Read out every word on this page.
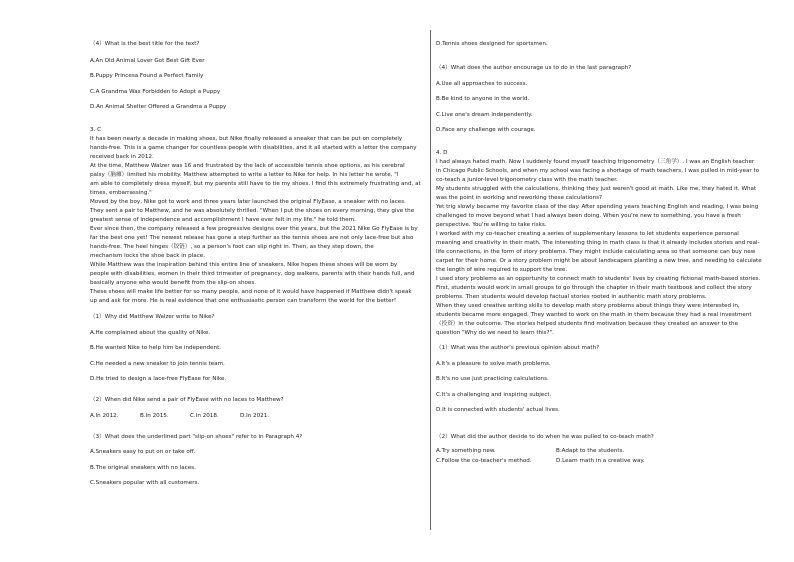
（4）What is the best title for the text?

A.An Old Animal Lover Got Best Gift Ever

B.Puppy Princesa Found a Perfect Family

C.A Grandma Was Forbidden to Adopt a Puppy

D.An Animal Shelter Offered a Grandma a Puppy

3. C

It has been nearly a decade in making shoes, but Nike finally released a sneaker that can be put on completely

hands-free. This is a game changer for countless people with disabilities, and it all started with a letter the company

received back in 2012.

At the time, Matthew Walzer was 16 and frustrated by the lack of accessible tennis shoe options, as his cerebral

palsy（脑瘫）limited his mobility. Matthew attempted to write a letter to Nike for help. In his letter he wrote, "I

am able to completely dress myself, but my parents still have to tie my shoes. I find this extremely frustrating and, at

times, embarrassing."

Moved by the boy, Nike got to work and three years later launched the original FlyEase, a sneaker with no laces.

They sent a pair to Matthew, and he was absolutely thrilled. "When I put the shoes on every morning, they give the

greatest sense of independence and accomplishment I have ever felt in my life." he told them.

Ever since then, the company released a few progressive designs over the years, but the 2021 Nike Go FlyEase is by

far the best one yet! The newest release has gone a step further as the tennis shoes are not only lace-free but also

hands-free. The heel hinges（铰链）, so a person's foot can slip right in. Then, as they step down, the

mechanism locks the shoe back in place.

While Matthew was the inspiration behind this entire line of sneakers, Nike hopes these shoes will be worn by

people with disabilities, women in their third trimester of pregnancy, dog walkers, parents with their hands full, and

basically anyone who would benefit from the slip-on shoes.

These shoes will make life better for so many people, and none of it would have happened if Matthew didn't speak

up and ask for more. He is real evidence that one enthusiastic person can transform the world for the better!

（1）Why did Matthew Walzer write to Nike?

A.He complained about the quality of Nike.

B.He wanted Nike to help him be independent.

C.He needed a new sneaker to join tennis team.

D.He tried to design a lace-free FlyEase for Nike.

（2）When did Nike send a pair of FlyEase with no laces to Matthew?

A.In 2012.	B.In 2015.	C.In 2018.	D.In 2021.

（3）What does the underlined part "slip-on shoes" refer to in Paragraph 4?

A.Sneakers easy to put on or take off.

B.The original sneakers with no laces.

C.Sneakers popular with all customers.

D.Tennis shoes designed for sportsmen.

（4）What does the author encourage us to do in the last paragraph?

A.Use all approaches to success.

B.Be kind to anyone in the world.

C.Live one's dream independently.

D.Face any challenge with courage.

4. D

I had always hated math. Now I suddenly found myself teaching trigonometry（三角学）. I was an English teacher

in Chicago Public Schools, and when my school was facing a shortage of math teachers, I was pulled in mid-year to

co-teach a junior-level trigonometry class with the math teacher.

My students struggled with the calculations, thinking they just weren't good at math. Like me, they hated it. What

was the point in working and reworking these calculations?

Yet trig slowly became my favorite class of the day. After spending years teaching English and reading, I was being

challenged to move beyond what I had always been doing. When you're new to something, you have a fresh

perspective. You're willing to take risks.

I worked with my co-teacher creating a series of supplementary lessons to let students experience personal

meaning and creativity in their math. The interesting thing in math class is that it already includes stories and real-

life connections, in the form of story problems. They might include calculating area so that someone can buy new

carpet for their home. Or a story problem might be about landscapers planting a new tree, and needing to calculate

the length of wire required to support the tree.

I used story problems as an opportunity to connect math to students' lives by creating fictional math-based stories.

First, students would work in small groups to go through the chapter in their math textbook and collect the story

problems. Then students would develop factual stories rooted in authentic math story problems.

When they used creative writing skills to develop math story problems about things they were interested in,

students became more engaged. They wanted to work on the math in them because they had a real investment

（投资）in the outcome. The stories helped students find motivation because they created an answer to the

question "Why do we need to learn this?".

（1）What was the author's previous opinion about math?

A.It's a pleasure to solve math problems.

B.It's no use just practicing calculations.

C.It's a challenging and inspiring subject.

D.It is connected with students' actual lives.

（2）What did the author decide to do when he was pulled to co-teach math?

A.Try something new.	B.Adapt to the students.
C.Follow the co-teacher's method.	D.Learn math in a creative way.
